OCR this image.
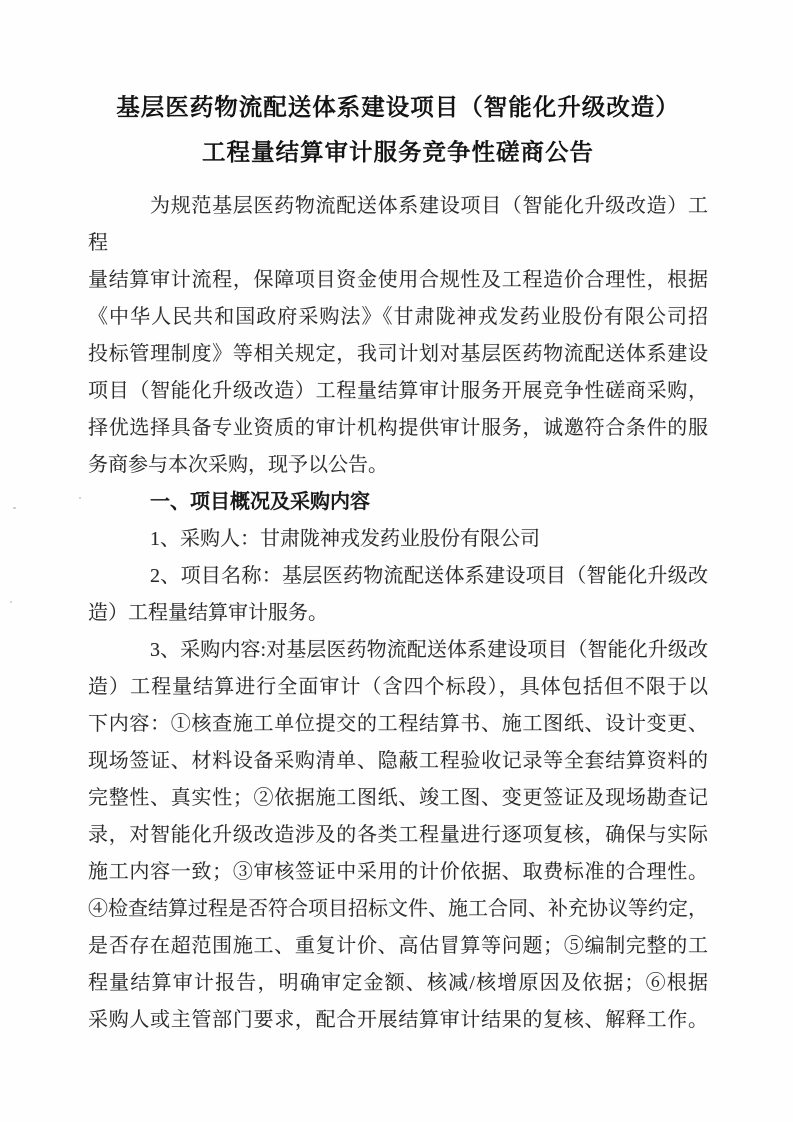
基层医药物流配送体系建设项目（智能化升级改造）
工程量结算审计服务竞争性磋商公告
为规范基层医药物流配送体系建设项目（智能化升级改造）工程
量结算审计流程，保障项目资金使用合规性及工程造价合理性，根据
《中华人民共和国政府采购法》《甘肃陇神戎发药业股份有限公司招
投标管理制度》等相关规定，我司计划对基层医药物流配送体系建设
项目（智能化升级改造）工程量结算审计服务开展竞争性磋商采购，
择优选择具备专业资质的审计机构提供审计服务，诚邀符合条件的服
务商参与本次采购，现予以公告。
一、项目概况及采购内容
1、采购人：甘肃陇神戎发药业股份有限公司
2、项目名称：基层医药物流配送体系建设项目（智能化升级改
造）工程量结算审计服务。
3、采购内容:对基层医药物流配送体系建设项目（智能化升级改
造）工程量结算进行全面审计（含四个标段），具体包括但不限于以
下内容：①核查施工单位提交的工程结算书、施工图纸、设计变更、
现场签证、材料设备采购清单、隐蔽工程验收记录等全套结算资料的
完整性、真实性；②依据施工图纸、竣工图、变更签证及现场勘查记
录，对智能化升级改造涉及的各类工程量进行逐项复核，确保与实际
施工内容一致；③审核签证中采用的计价依据、取费标准的合理性。
④检查结算过程是否符合项目招标文件、施工合同、补充协议等约定，
是否存在超范围施工、重复计价、高估冒算等问题；⑤编制完整的工
程量结算审计报告，明确审定金额、核减/核增原因及依据；⑥根据
采购人或主管部门要求，配合开展结算审计结果的复核、解释工作。
